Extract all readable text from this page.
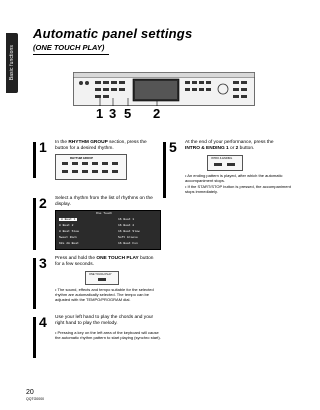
Basic functions
Automatic panel settings
(ONE TOUCH PLAY)
1 3 5 2
1 In the RHYTHM GROUP section, press the button for a desired rhythm.
RHYTHM GROUP
2 Select a rhythm from the list of rhythms on the display.
One Touch
8 Beat 1	16 Beat 1
8 Beat 2	16 Beat 2
8 Beat Slow	16 Beat Slow
Sweet Rock	Soft Groove
60s 2A Beat	16 Beat Fun
3 Press and hold the ONE TOUCH PLAY button for a few seconds.
ONE TOUCH PLAY
• The sound, effects and tempo suitable for the selected rhythm are automatically selected. The tempo can be adjusted with the TEMPO/PROGRAM dial.
4 Use your left hand to play the chords and your right hand to play the melody.
• Pressing a key on the left area of the keyboard will cause the automatic rhythm pattern to start playing (synchro start).
5 At the end of your performance, press the INTRO & ENDING 1 or 2 button.
INTRO & ENDING
• An ending pattern is played, after which the automatic accompaniment stops.
• If the START/STOP button is pressed, the accompaniment stops immediately.
20
QQTG0000
